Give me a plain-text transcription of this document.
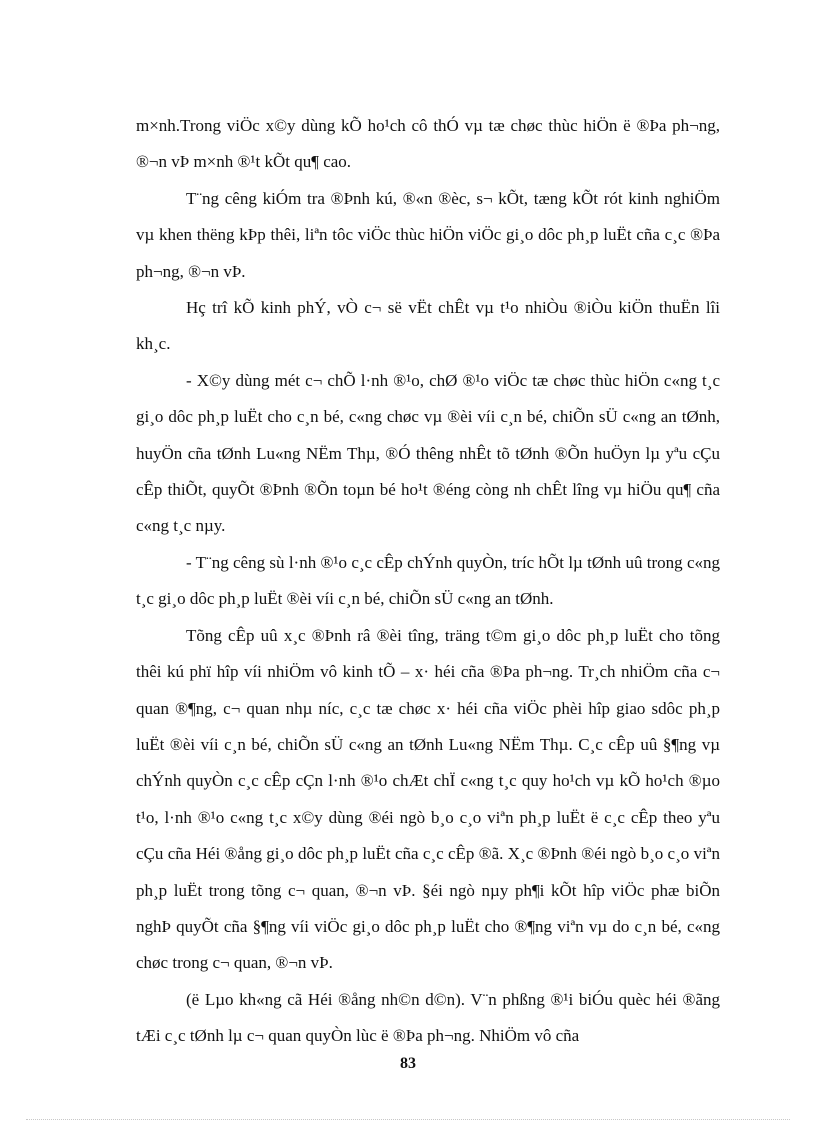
m×nh.Trong viÖc x©y dùng kÕ ho¹ch cô thÓ vµ tæ chøc thùc hiÖn ë ®Þa ph¬ng, ®¬n vÞ m×nh ®¹t kÕt qu¶ cao.

T¨ng cêng kiÓm tra ®Þnh kú, ®«n ®èc, s¬ kÕt, tæng kÕt rót kinh nghiÖm vµ khen thëng kÞp thêi, liªn tôc viÖc thùc hiÖn viÖc gi¸o dôc ph¸p luËt cña c¸c ®Þa ph¬ng, ®¬n vÞ.

Hç trî kÕ kinh phÝ, vÒ c¬ së vËt chÊt vµ t¹o nhiÒu ®iÒu kiÖn thuËn lîi kh¸c.

- X©y dùng mét c¬ chÕ l·nh ®¹o, chØ ®¹o viÖc tæ chøc thùc hiÖn c«ng t¸c gi¸o dôc ph¸p luËt cho c¸n bé, c«ng chøc vµ ®èi víi c¸n bé, chiÕn sÜ c«ng an tØnh, huyÖn cña tØnh Lu«ng NËm Thµ, ®Ó thêng nhÊt tõ tØnh ®Õn huÖyn lµ yªu cÇu cÊp thiÕt, quyÕt ®Þnh ®Õn toµn bé ho¹t ®éng còng nh chÊt lîng vµ hiÖu qu¶ cña c«ng t¸c nµy.

- T¨ng cêng sù l·nh ®¹o c¸c cÊp chÝnh quyÒn, tríc hÕt lµ tØnh uû trong c«ng t¸c gi¸o dôc ph¸p luËt ®èi víi c¸n bé, chiÕn sÜ c«ng an tØnh.

Tõng cÊp uû x¸c ®Þnh râ ®èi tîng, träng t©m gi¸o dôc ph¸p luËt cho tõng thêi kú phï hîp víi nhiÖm vô kinh tÕ – x· héi cña ®Þa ph¬ng. Tr¸ch nhiÖm cña c¬ quan ®¶ng, c¬ quan nhµ níc, c¸c tæ chøc x· héi cña viÖc phèi hîp giao sdôc ph¸p luËt ®èi víi c¸n bé, chiÕn sÜ c«ng an tØnh Lu«ng NËm Thµ. C¸c cÊp uû §¶ng vµ chÝnh quyÒn c¸c cÊp cÇn l·nh ®¹o chÆt chÏ c«ng t¸c quy ho¹ch vµ kÕ ho¹ch ®µo t¹o, l·nh ®¹o c«ng t¸c x©y dùng ®éi ngò b¸o c¸o viªn ph¸p luËt ë c¸c cÊp theo yªu cÇu cña Héi ®ång gi¸o dôc ph¸p luËt cña c¸c cÊp ®ã. X¸c ®Þnh ®éi ngò b¸o c¸o viªn ph¸p luËt trong tõng c¬ quan, ®¬n vÞ. §éi ngò nµy ph¶i kÕt hîp viÖc phæ biÕn nghÞ quyÕt cña §¶ng víi viÖc gi¸o dôc ph¸p luËt cho ®¶ng viªn vµ do c¸n bé, c«ng chøc trong c¬ quan, ®¬n vÞ.

(ë Lµo kh«ng cã Héi ®ång nh©n d©n). V¨n phßng ®¹i biÓu quèc héi ®ãng tÆi c¸c tØnh lµ c¬ quan quyÒn lùc ë ®Þa ph¬ng. NhiÖm vô cña

83
